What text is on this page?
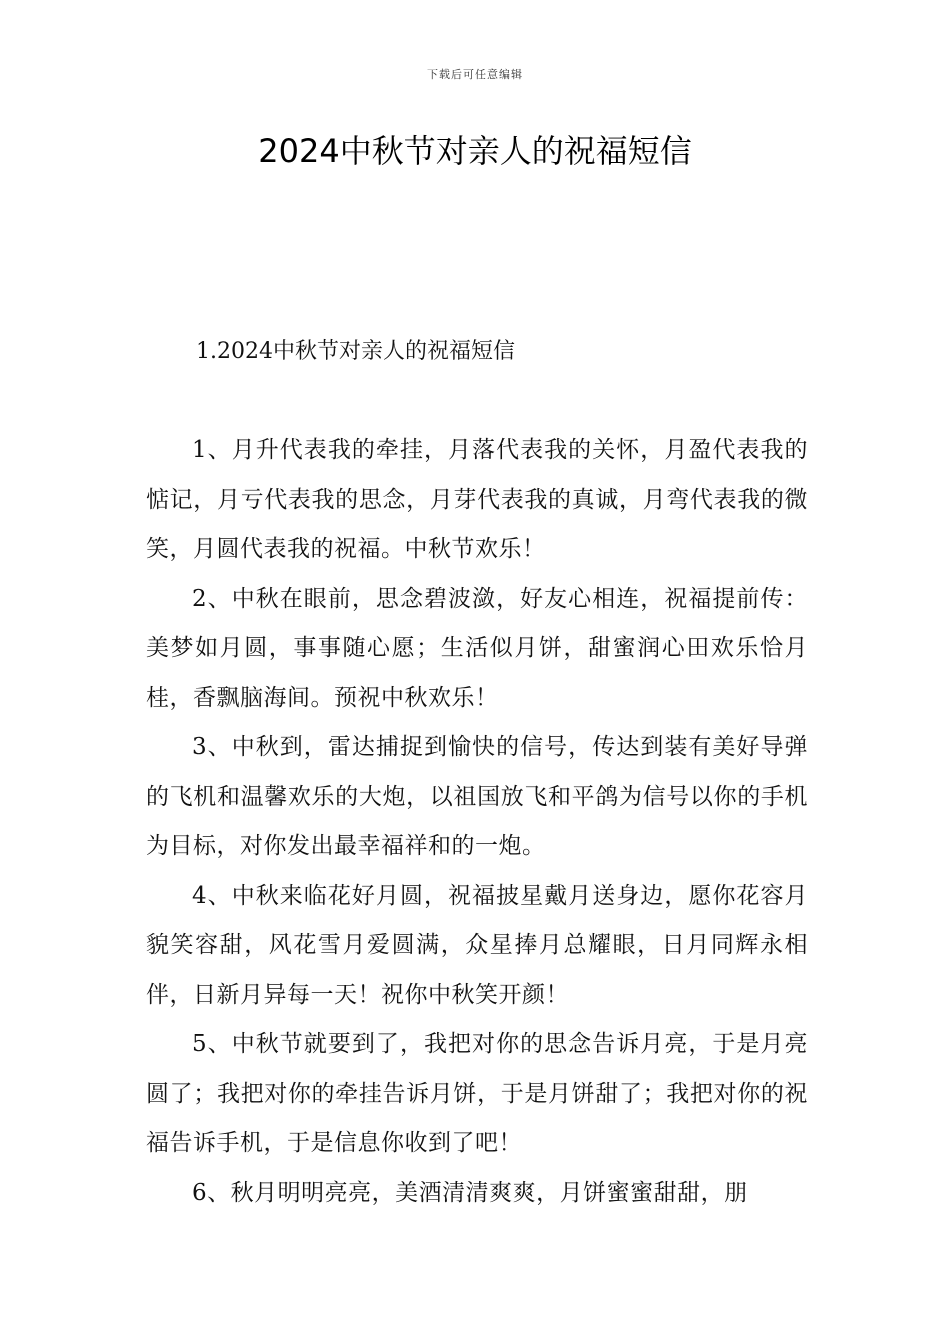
下载后可任意编辑
2024中秋节对亲人的祝福短信
1.2024中秋节对亲人的祝福短信

1、月升代表我的牵挂，月落代表我的关怀，月盈代表我的惦记，月亏代表我的思念，月芽代表我的真诚，月弯代表我的微笑，月圆代表我的祝福。中秋节欢乐！

2、中秋在眼前，思念碧波潋，好友心相连，祝福提前传：美梦如月圆，事事随心愿；生活似月饼，甜蜜润心田欢乐恰月桂，香飘脑海间。预祝中秋欢乐！

3、中秋到，雷达捕捉到愉快的信号，传达到装有美好导弹的飞机和温馨欢乐的大炮，以祖国放飞和平鸽为信号以你的手机为目标，对你发出最幸福祥和的一炮。

4、中秋来临花好月圆，祝福披星戴月送身边，愿你花容月貌笑容甜，风花雪月爱圆满，众星捧月总耀眼，日月同辉永相伴，日新月异每一天！祝你中秋笑开颜！

5、中秋节就要到了，我把对你的思念告诉月亮，于是月亮圆了；我把对你的牵挂告诉月饼，于是月饼甜了；我把对你的祝福告诉手机，于是信息你收到了吧！

6、秋月明明亮亮，美酒清清爽爽，月饼蜜蜜甜甜，朋
